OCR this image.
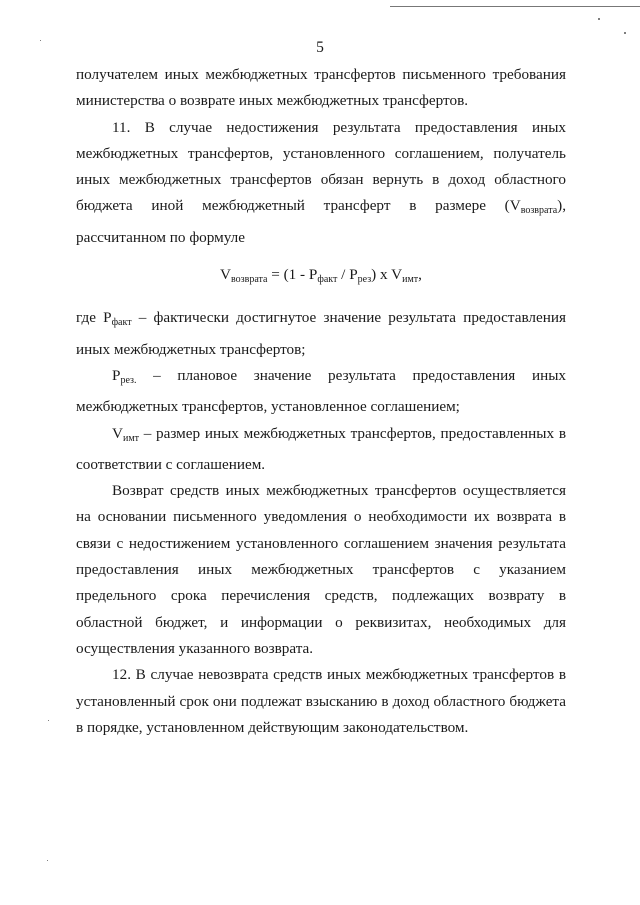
5

получателем иных межбюджетных трансфертов письменного требования министерства о возврате иных межбюджетных трансфертов.

11. В случае недостижения результата предоставления иных межбюджетных трансфертов, установленного соглашением, получатель иных межбюджетных трансфертов обязан вернуть в доход областного бюджета иной межбюджетный трансферт в размере $(V_{возврата})$, рассчитанном по формуле

$V_{возврата} = (1 - P_{факт} / P_{рез})$ x $V_{имт}$,

где $P_{факт}$ – фактически достигнутое значение результата предоставления иных межбюджетных трансфертов;

$P_{рез.}$ – плановое значение результата предоставления иных межбюджетных трансфертов, установленное соглашением;

$V_{имт}$ – размер иных межбюджетных трансфертов, предоставленных в соответствии с соглашением.

Возврат средств иных межбюджетных трансфертов осуществляется на основании письменного уведомления о необходимости их возврата в связи с недостижением установленного соглашением значения результата предоставления иных межбюджетных трансфертов с указанием предельного срока перечисления средств, подлежащих возврату в областной бюджет, и информации о реквизитах, необходимых для осуществления указанного возврата.

12. В случае невозврата средств иных межбюджетных трансфертов в установленный срок они подлежат взысканию в доход областного бюджета в порядке, установленном действующим законодательством.
